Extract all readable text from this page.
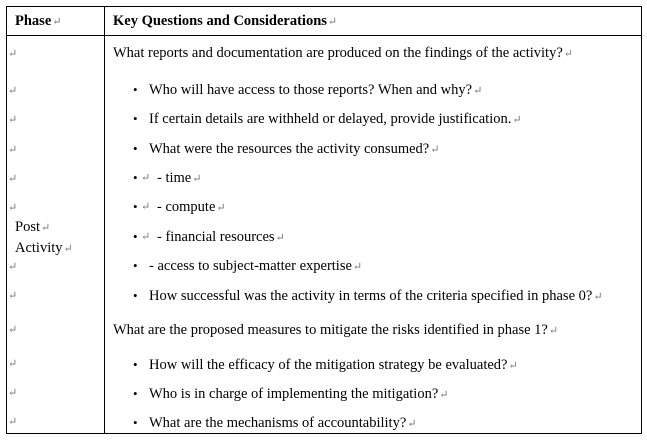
Phase↵	Key Questions and Considerations↵
↵
↵
↵
↵
↵
↵
Post↵
Activity↵
↵
↵
↵
↵
↵
↵
What reports and documentation are produced on the findings of the activity?↵
• Who will have access to those reports? When and why?↵
• If certain details are withheld or delayed, provide justification.↵
• What were the resources the activity consumed?↵
• ↵ - time↵
• ↵ - compute↵
• ↵ - financial resources↵
• - access to subject-matter expertise↵
• How successful was the activity in terms of the criteria specified in phase 0?↵
What are the proposed measures to mitigate the risks identified in phase 1?↵
• How will the efficacy of the mitigation strategy be evaluated?↵
• Who is in charge of implementing the mitigation?↵
• What are the mechanisms of accountability?↵
